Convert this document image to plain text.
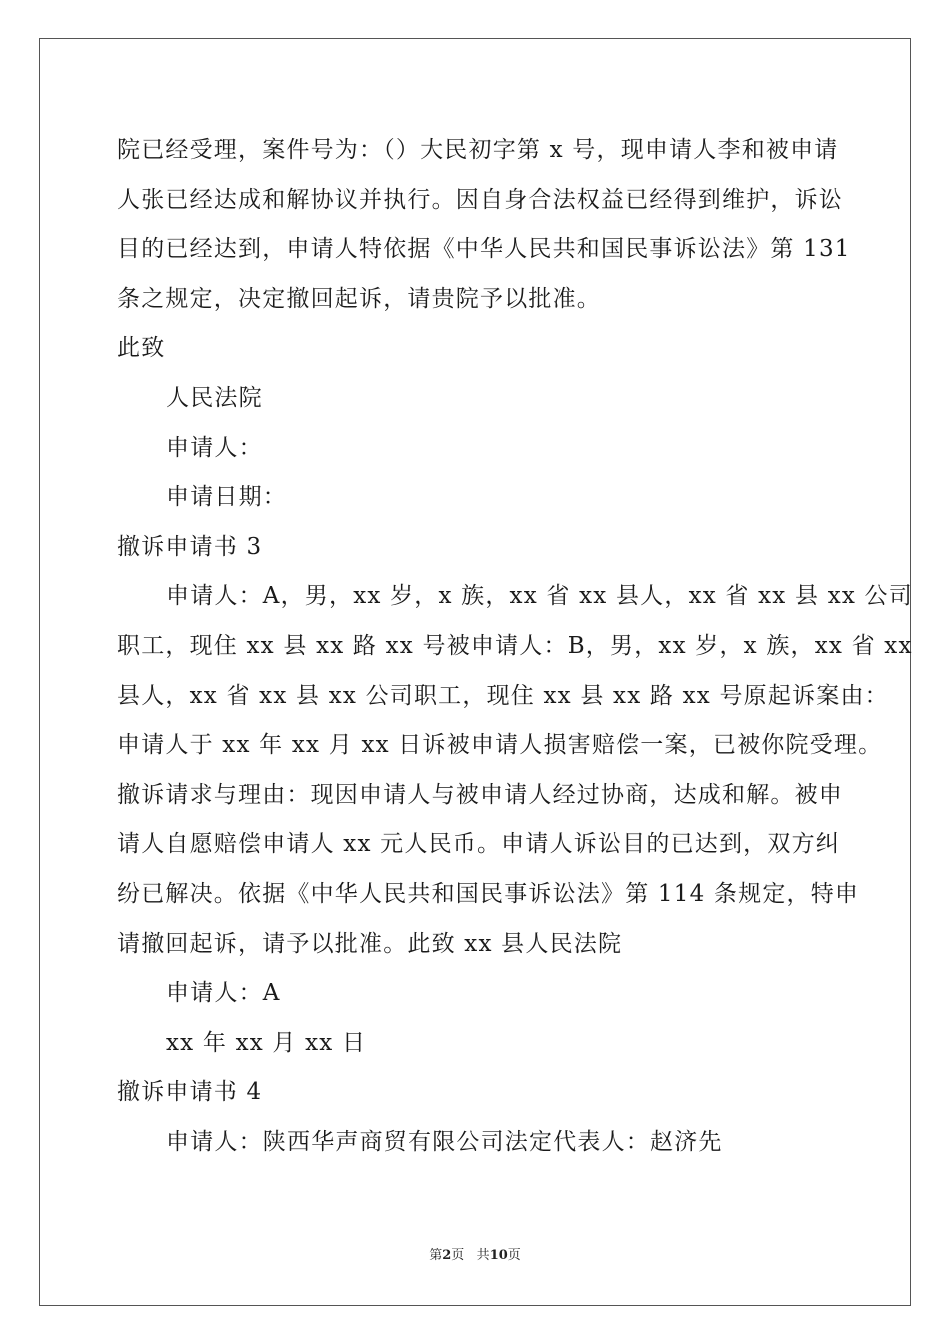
院已经受理，案件号为：（）大民初字第 x 号，现申请人李和被申请
人张已经达成和解协议并执行。因自身合法权益已经得到维护，诉讼
目的已经达到，申请人特依据《中华人民共和国民事诉讼法》第 131
条之规定，决定撤回起诉，请贵院予以批准。
此致
人民法院
申请人：
申请日期：
撤诉申请书 3
申请人：A，男，xx 岁，x 族，xx 省 xx 县人，xx 省 xx 县 xx 公司
职工，现住 xx 县 xx 路 xx 号被申请人：B，男，xx 岁，x 族，xx 省 xx
县人，xx 省 xx 县 xx 公司职工，现住 xx 县 xx 路 xx 号原起诉案由：
申请人于 xx 年 xx 月 xx 日诉被申请人损害赔偿一案，已被你院受理。
撤诉请求与理由：现因申请人与被申请人经过协商，达成和解。被申
请人自愿赔偿申请人 xx 元人民币。申请人诉讼目的已达到，双方纠
纷已解决。依据《中华人民共和国民事诉讼法》第 114 条规定，特申
请撤回起诉，请予以批准。此致 xx 县人民法院
申请人：A
xx 年 xx 月 xx 日
撤诉申请书 4
申请人：陕西华声商贸有限公司法定代表人：赵济先
第2页 共10页
